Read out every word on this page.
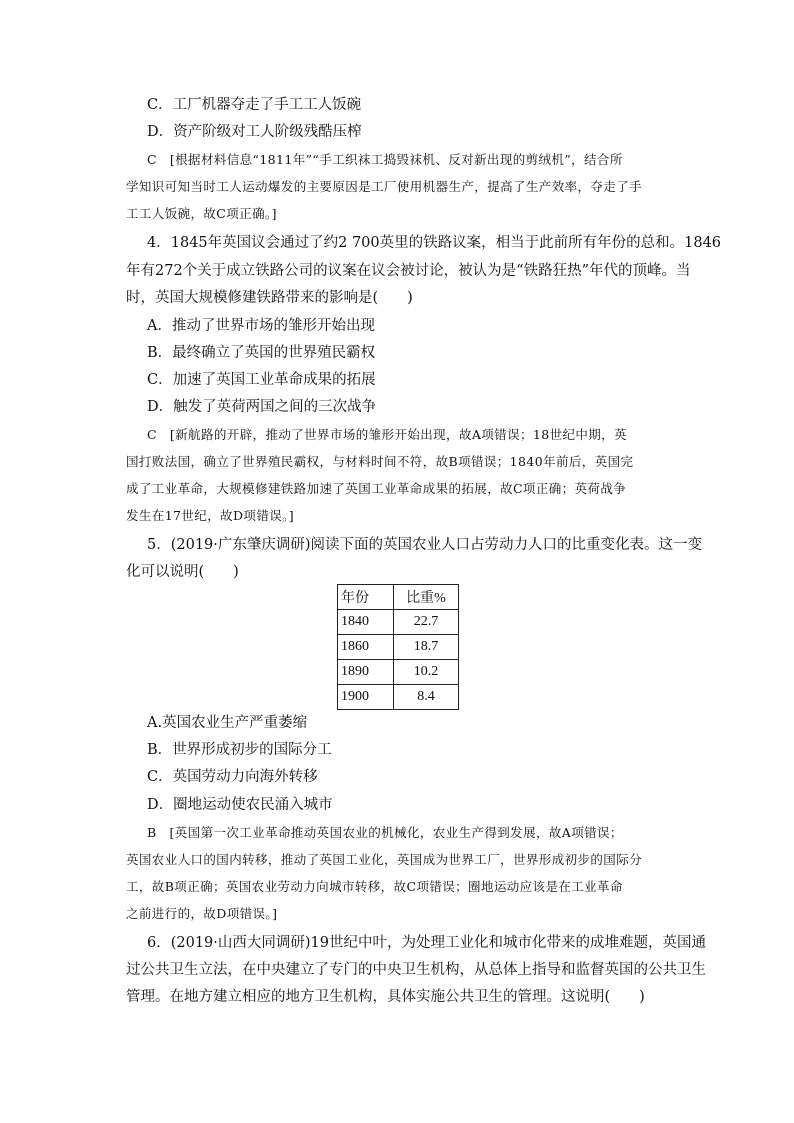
C．工厂机器夺走了手工工人饭碗
D．资产阶级对工人阶级残酷压榨
C　[根据材料信息“1811年”“手工织袜工捣毁袜机、反对新出现的剪绒机”，结合所
学知识可知当时工人运动爆发的主要原因是工厂使用机器生产，提高了生产效率，夺走了手
工工人饭碗，故C项正确。]
4．1845年英国议会通过了约2 700英里的铁路议案，相当于此前所有年份的总和。1846
年有272个关于成立铁路公司的议案在议会被讨论，被认为是“铁路狂热”年代的顶峰。当
时，英国大规模修建铁路带来的影响是(　　)
A．推动了世界市场的雏形开始出现
B．最终确立了英国的世界殖民霸权
C．加速了英国工业革命成果的拓展
D．触发了英荷两国之间的三次战争
C　[新航路的开辟，推动了世界市场的雏形开始出现，故A项错误；18世纪中期，英
国打败法国，确立了世界殖民霸权，与材料时间不符，故B项错误；1840年前后，英国完
成了工业革命，大规模修建铁路加速了英国工业革命成果的拓展，故C项正确；英荷战争
发生在17世纪，故D项错误。]
5．(2019·广东肇庆调研)阅读下面的英国农业人口占劳动力人口的比重变化表。这一变
化可以说明(　　)
年份	比重%
1840	22.7
1860	18.7
1890	10.2
1900	8.4
A.英国农业生产严重萎缩
B．世界形成初步的国际分工
C．英国劳动力向海外转移
D．圈地运动使农民涌入城市
B　[英国第一次工业革命推动英国农业的机械化，农业生产得到发展，故A项错误；
英国农业人口的国内转移，推动了英国工业化，英国成为世界工厂，世界形成初步的国际分
工，故B项正确；英国农业劳动力向城市转移，故C项错误；圈地运动应该是在工业革命
之前进行的，故D项错误。]
6．(2019·山西大同调研)19世纪中叶，为处理工业化和城市化带来的成堆难题，英国通
过公共卫生立法，在中央建立了专门的中央卫生机构，从总体上指导和监督英国的公共卫生
管理。在地方建立相应的地方卫生机构，具体实施公共卫生的管理。这说明(　　)
